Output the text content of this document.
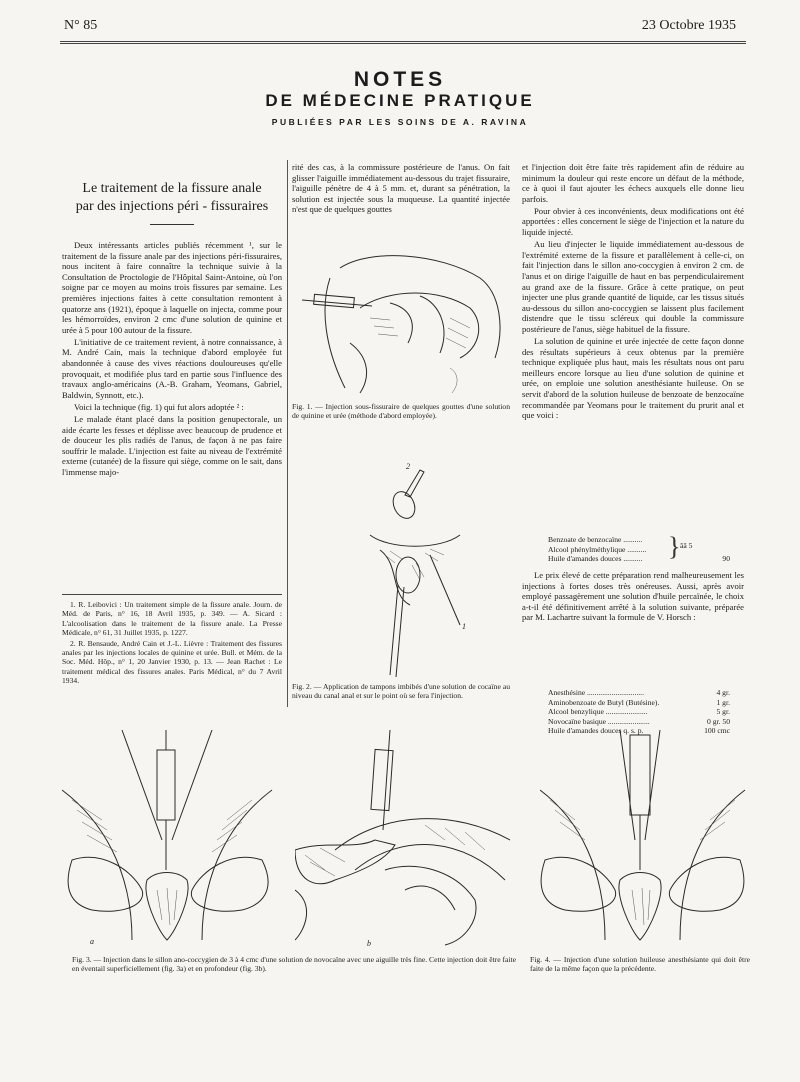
N° 85	23 Octobre 1935
NOTES
DE MÉDECINE PRATIQUE
PUBLIÉES PAR LES SOINS DE A. RAVINA
Le traitement de la fissure anale
par des injections péri - fissuraires

Deux intéressants articles publiés récemment ¹, sur le traitement de la fissure anale par des injections péri-fissuraires, nous incitent à faire connaître la technique suivie à la Consultation de Proctologie de l'Hôpital Saint-Antoine, où l'on soigne par ce moyen au moins trois fissures par semaine. Les premières injections faites à cette consultation remontent à quatorze ans (1921), époque à laquelle on injecta, comme pour les hémorroïdes, environ 2 cmc d'une solution de quinine et urée à 5 pour 100 autour de la fissure.

L'initiative de ce traitement revient, à notre connaissance, à M. André Cain, mais la technique d'abord employée fut abandonnée à cause des vives réactions douloureuses qu'elle provoquait, et modifiée plus tard en partie sous l'influence des travaux anglo-américains (A.-B. Graham, Yeomans, Gabriel, Baldwin, Synnott, etc.).

Voici la technique (fig. 1) qui fut alors adoptée ² :

Le malade étant placé dans la position genupectorale, un aide écarte les fesses et déplisse avec beaucoup de prudence et de douceur les plis radiés de l'anus, de façon à ne pas faire souffrir le malade. L'injection est faite au niveau de l'extrémité externe (cutanée) de la fissure qui siège, comme on le sait, dans l'immense majo-

1. R. Leibovici : Un traitement simple de la fissure anale. Journ. de Méd. de Paris, n° 16, 18 Avril 1935, p. 349. — A. Sicard : L'alcoolisation dans le traitement de la fissure anale. La Presse Médicale, n° 61, 31 Juillet 1935, p. 1227.

2. R. Bensaude, André Cain et J.-L. Lièvre : Traitement des fissures anales par les injections locales de quinine et urée. Bull. et Mém. de la Soc. Méd. Hôp., n° 1, 20 Janvier 1930, p. 13. — Jean Rachet : Le traitement médical des fissures anales. Paris Médical, n° du 7 Avril 1934.

rité des cas, à la commissure postérieure de l'anus. On fait glisser l'aiguille immédiatement au-dessous du trajet fissuraire, l'aiguille pénètre de 4 à 5 mm. et, durant sa pénétration, la solution est injectée sous la muqueuse. La quantité injectée n'est que de quelques gouttes

Fig. 1. — Injection sous-fissuraire de quelques gouttes d'une solution de quinine et urée (méthode d'abord employée).
2
1
Fig. 2. — Application de tampons imbibés d'une solution de cocaïne au niveau du canal anal et sur le point où se fera l'injection.

et l'injection doit être faite très rapidement afin de réduire au minimum la douleur qui reste encore un défaut de la méthode, ce à quoi il faut ajouter les échecs auxquels elle donne lieu parfois.

Pour obvier à ces inconvénients, deux modifications ont été apportées : elles concernent le siège de l'injection et la nature du liquide injecté.

Au lieu d'injecter le liquide immédiatement au-dessous de l'extrémité externe de la fissure et parallèlement à celle-ci, on fait l'injection dans le sillon ano-coccygien à environ 2 cm. de l'anus et on dirige l'aiguille de haut en bas perpendiculairement au grand axe de la fissure. Grâce à cette pratique, on peut injecter une plus grande quantité de liquide, car les tissus situés au-dessous du sillon ano-coccygien se laissent plus facilement distendre que le tissu scléreux qui double la commissure postérieure de l'anus, siège habituel de la fissure.

La solution de quinine et urée injectée de cette façon donne des résultats supérieurs à ceux obtenus par la première technique expliquée plus haut, mais les résultats nous ont paru meilleurs encore lorsque au lieu d'une solution de quinine et urée, on emploie une solution anesthésiante huileuse. On se servit d'abord de la solution huileuse de benzoate de benzocaïne recommandée par Yeomans pour le traitement du prurit anal et que voici :

Benzoate de benzocaïne ..........
Alcool phénylméthylique ..........
Huile d'amandes douces ..........	90
} ãã 5

Le prix élevé de cette préparation rend malheureusement les injections à fortes doses très onéreuses. Aussi, après avoir employé passagèrement une solution d'huile percaïnée, le choix a-t-il été définitivement arrêté à la solution suivante, préparée par M. Lachartre suivant la formule de V. Horsch :

Anesthésine ..............................	4 gr.
Aminobenzoate de Butyl (Butésine).	1 gr.
Alcool benzylique ......................	5 gr.
Novocaïne basique ......................	0 gr. 50
Huile d'amandes douces q. s. p.	100 cmc
a	b
Fig. 3. — Injection dans le sillon ano-coccygien de 3 à 4 cmc d'une solution de novocaïne avec une aiguille très fine. Cette injection doit être faite en éventail superficiellement (fig. 3a) et en profondeur (fig. 3b).
Fig. 4. — Injection d'une solution huileuse anesthésiante qui doit être faite de la même façon que la précédente.
